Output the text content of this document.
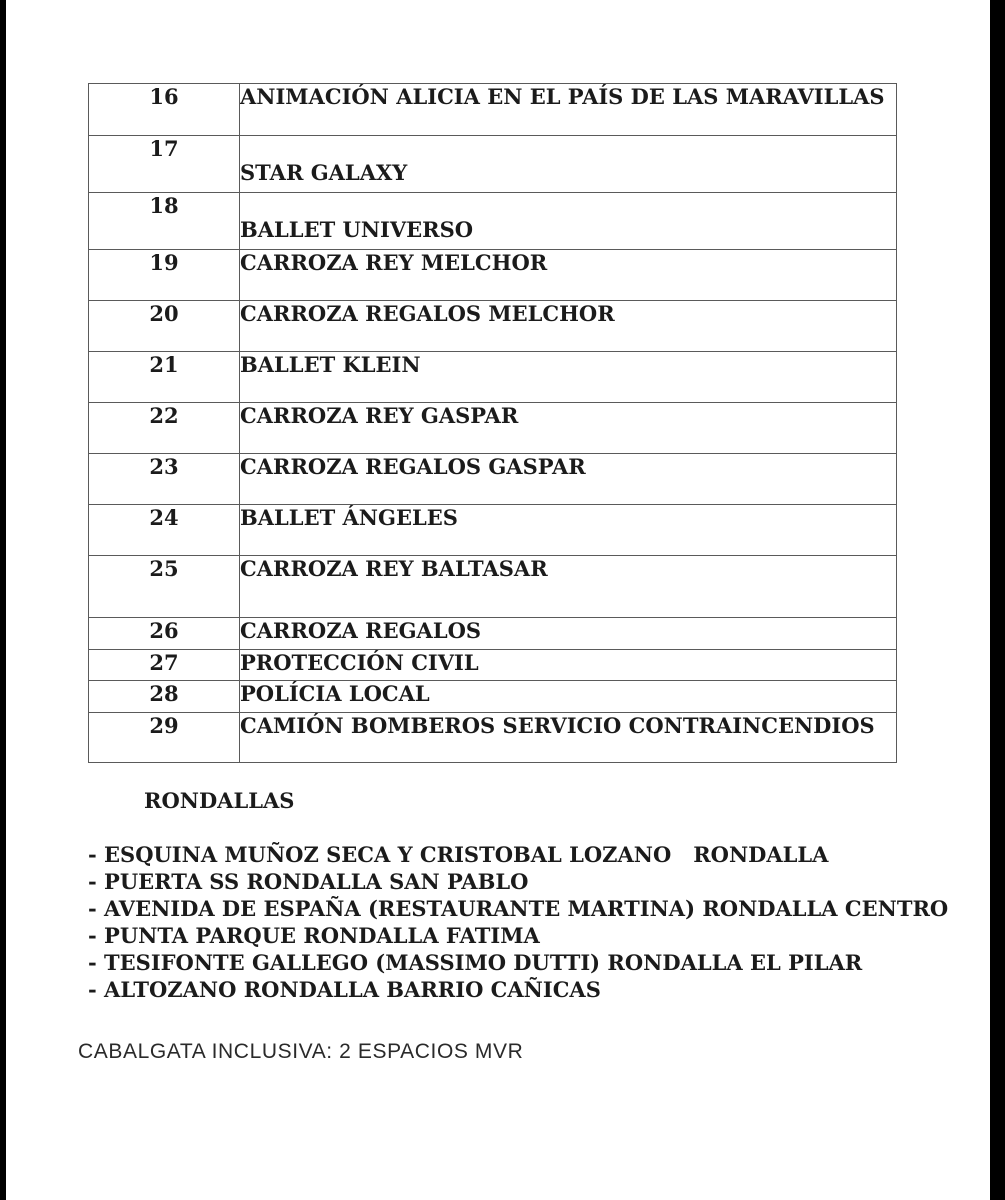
16	ANIMACIÓN ALICIA EN EL PAÍS DE LAS MARAVILLAS
17	STAR GALAXY
18	BALLET UNIVERSO
19	CARROZA REY MELCHOR
20	CARROZA REGALOS MELCHOR
21	BALLET KLEIN
22	CARROZA REY GASPAR
23	CARROZA REGALOS GASPAR
24	BALLET ÁNGELES
25	CARROZA REY BALTASAR
26	CARROZA REGALOS
27	PROTECCIÓN CIVIL
28	POLÍCIA LOCAL
29	CAMIÓN BOMBEROS SERVICIO CONTRAINCENDIOS
RONDALLAS
- ESQUINA MUÑOZ SECA Y CRISTOBAL LOZANO   RONDALLA
- PUERTA SS RONDALLA SAN PABLO
- AVENIDA DE ESPAÑA (RESTAURANTE MARTINA) RONDALLA CENTRO
- PUNTA PARQUE RONDALLA FATIMA
- TESIFONTE GALLEGO (MASSIMO DUTTI) RONDALLA EL PILAR
- ALTOZANO RONDALLA BARRIO CAÑICAS
CABALGATA INCLUSIVA: 2 ESPACIOS MVR
